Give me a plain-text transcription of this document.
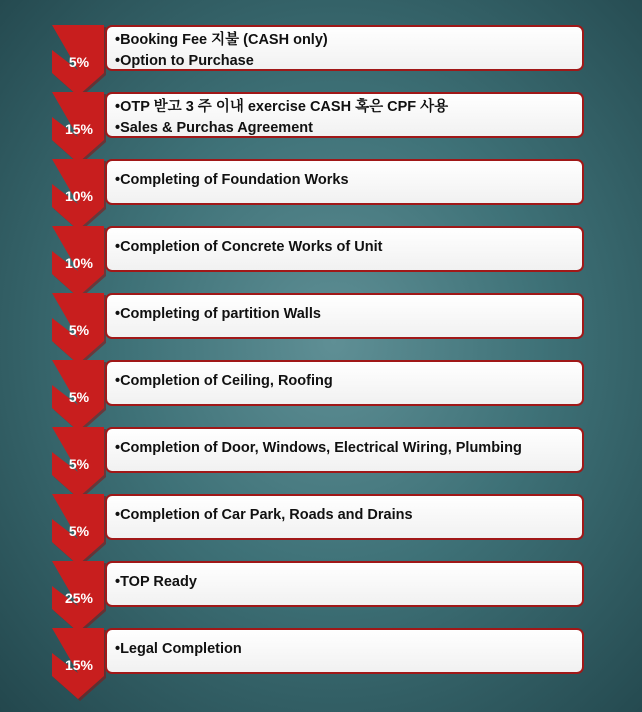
5%
•Booking Fee 지불 (CASH only)
•Option to Purchase
15%
•OTP 받고 3 주 이내 exercise CASH 혹은 CPF 사용
•Sales & Purchas Agreement
10%
•Completing of Foundation Works
10%
•Completion of Concrete Works of Unit
5%
•Completing of partition Walls
5%
•Completion of Ceiling, Roofing
5%
•Completion of Door, Windows, Electrical Wiring, Plumbing
5%
•Completion of Car Park, Roads and Drains
25%
•TOP Ready
15%
•Legal Completion
